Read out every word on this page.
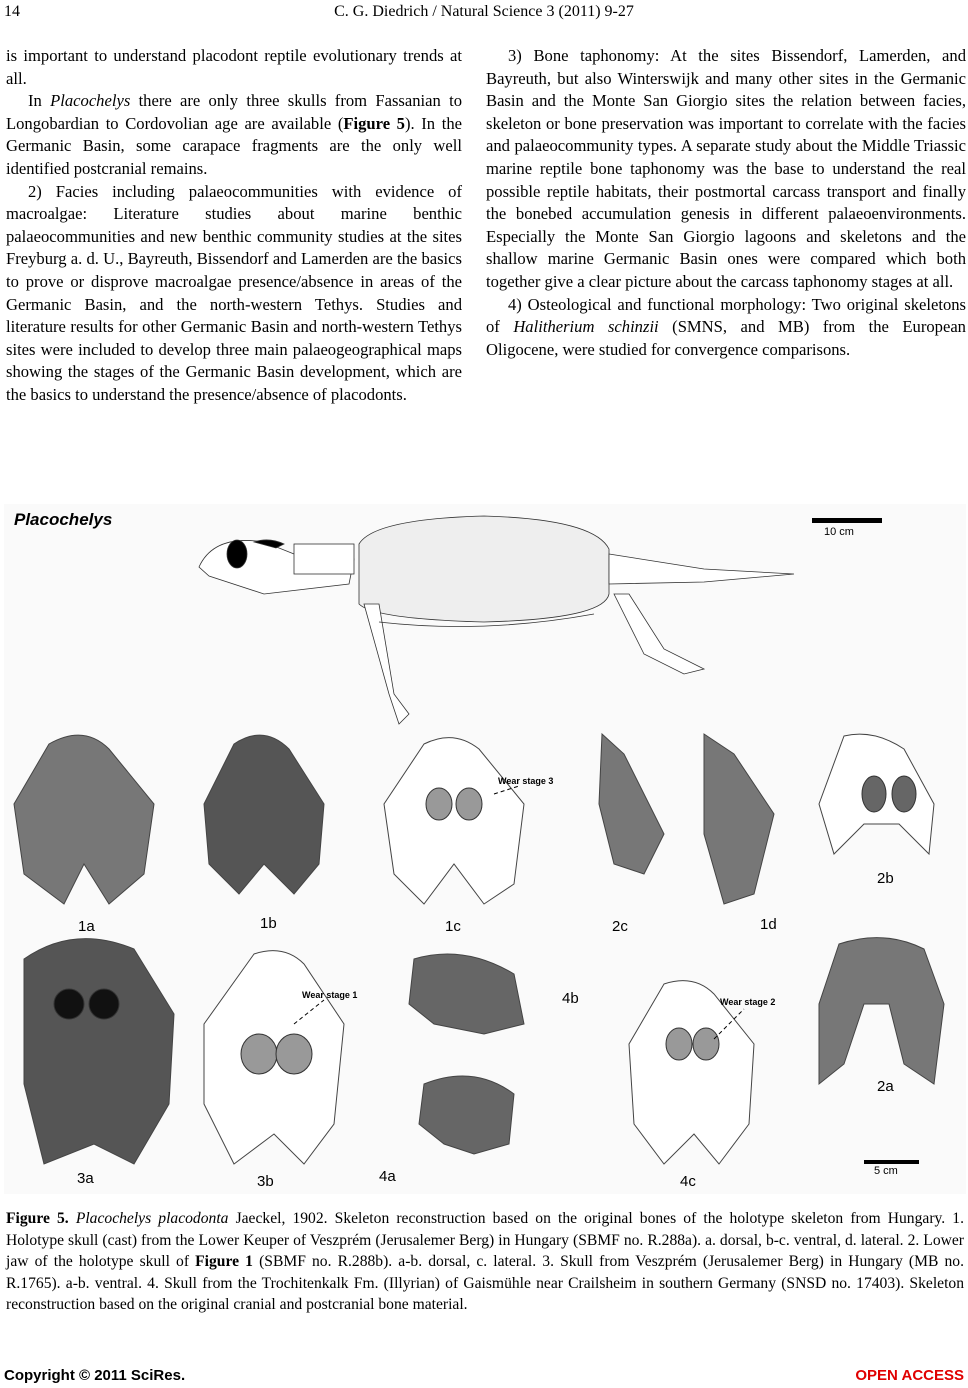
14	C. G. Diedrich / Natural Science 3 (2011) 9-27

is important to understand placodont reptile evolutionary trends at all.

In Placochelys there are only three skulls from Fassanian to Longobardian to Cordovolian age are available (Figure 5). In the Germanic Basin, some carapace fragments are the only well identified postcranial remains.

2) Facies including palaeocommunities with evidence of macroalgae: Literature studies about marine benthic palaeocommunities and new benthic community studies at the sites Freyburg a. d. U., Bayreuth, Bissendorf and Lamerden are the basics to prove or disprove macroalgae presence/absence in areas of the Germanic Basin, and the north-western Tethys. Studies and literature results for other Germanic Basin and north-western Tethys sites were included to develop three main palaeogeographical maps showing the stages of the Germanic Basin development, which are the basics to understand the presence/absence of placodonts.

3) Bone taphonomy: At the sites Bissendorf, Lamerden, and Bayreuth, but also Winterswijk and many other sites in the Germanic Basin and the Monte San Giorgio sites the relation between facies, skeleton or bone preservation was important to correlate with the facies and palaeocommunity types. A separate study about the Middle Triassic marine reptile bone taphonomy was the base to understand the real possible reptile habitats, their postmortal carcass transport and finally the bonebed accumulation genesis in different palaeoenvironments. Especially the Monte San Giorgio lagoons and skeletons and the shallow marine Germanic Basin ones were compared which both together give a clear picture about the carcass taphonomy stages at all.

4) Osteological and functional morphology: Two original skeletons of Halitherium schinzii (SMNS, and MB) from the European Oligocene, were studied for convergence comparisons.

Placochelys
10 cm
5 cm
1a	1b	1c	2c	1d
2b
4b
2a
3a	3b	4a	4c
Wear stage 3
Wear stage 1
Wear stage 2
Figure 5. Placochelys placodonta Jaeckel, 1902. Skeleton reconstruction based on the original bones of the holotype skeleton from Hungary. 1. Holotype skull (cast) from the Lower Keuper of Veszprém (Jerusalemer Berg) in Hungary (SBMF no. R.288a). a. dorsal, b-c. ventral, d. lateral. 2. Lower jaw of the holotype skull of Figure 1 (SBMF no. R.288b). a-b. dorsal, c. lateral. 3. Skull from Veszprém (Jerusalemer Berg) in Hungary (MB no. R.1765). a-b. ventral. 4. Skull from the Trochitenkalk Fm. (Illyrian) of Gaismühle near Crailsheim in southern Germany (SNSD no. 17403). Skeleton reconstruction based on the original cranial and postcranial bone material.
Copyright © 2011 SciRes.	OPEN ACCESS
